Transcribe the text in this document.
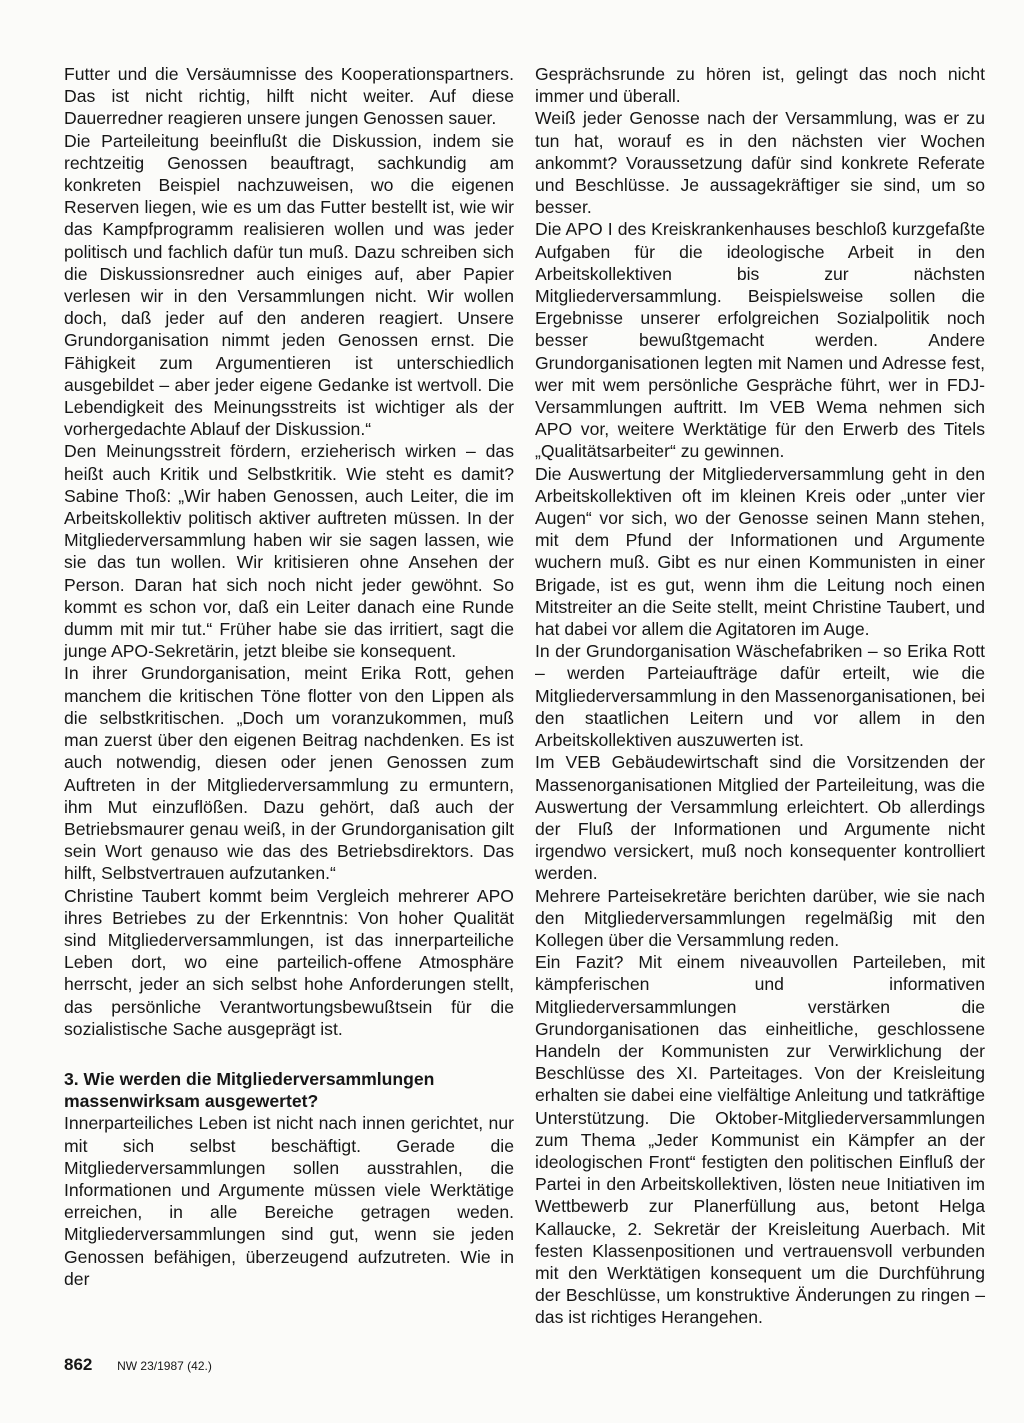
Futter und die Versäumnisse des Kooperationspartners. Das ist nicht richtig, hilft nicht weiter. Auf diese Dauerredner reagieren unsere jungen Genossen sauer.

Die Parteileitung beeinflußt die Diskussion, indem sie rechtzeitig Genossen beauftragt, sachkundig am konkreten Beispiel nachzuweisen, wo die eigenen Reserven liegen, wie es um das Futter bestellt ist, wie wir das Kampfprogramm realisieren wollen und was jeder politisch und fachlich dafür tun muß. Dazu schreiben sich die Diskussionsredner auch einiges auf, aber Papier verlesen wir in den Versammlungen nicht. Wir wollen doch, daß jeder auf den anderen reagiert. Unsere Grundorganisation nimmt jeden Genossen ernst. Die Fähigkeit zum Argumentieren ist unterschiedlich ausgebildet – aber jeder eigene Gedanke ist wertvoll. Die Lebendigkeit des Meinungsstreits ist wichtiger als der vorhergedachte Ablauf der Diskussion.“

Den Meinungsstreit fördern, erzieherisch wirken – das heißt auch Kritik und Selbstkritik. Wie steht es damit? Sabine Thoß: „Wir haben Genossen, auch Leiter, die im Arbeitskollektiv politisch aktiver auftreten müssen. In der Mitgliederversammlung haben wir sie sagen lassen, wie sie das tun wollen. Wir kritisieren ohne Ansehen der Person. Daran hat sich noch nicht jeder gewöhnt. So kommt es schon vor, daß ein Leiter danach eine Runde dumm mit mir tut.“ Früher habe sie das irritiert, sagt die junge APO-Sekretärin, jetzt bleibe sie konsequent.

In ihrer Grundorganisation, meint Erika Rott, gehen manchem die kritischen Töne flotter von den Lippen als die selbstkritischen. „Doch um voranzukommen, muß man zuerst über den eigenen Beitrag nachdenken. Es ist auch notwendig, diesen oder jenen Genossen zum Auftreten in der Mitgliederversammlung zu ermuntern, ihm Mut einzuflößen. Dazu gehört, daß auch der Betriebsmaurer genau weiß, in der Grundorganisation gilt sein Wort genauso wie das des Betriebsdirektors. Das hilft, Selbstvertrauen aufzutanken.“

Christine Taubert kommt beim Vergleich mehrerer APO ihres Betriebes zu der Erkenntnis: Von hoher Qualität sind Mitgliederversammlungen, ist das innerparteiliche Leben dort, wo eine parteilich-offene Atmosphäre herrscht, jeder an sich selbst hohe Anforderungen stellt, das persönliche Verantwortungsbewußtsein für die sozialistische Sache ausgeprägt ist.

3. Wie werden die Mitgliederversammlungen massenwirksam ausgewertet?

Innerparteiliches Leben ist nicht nach innen gerichtet, nur mit sich selbst beschäftigt. Gerade die Mitgliederversammlungen sollen ausstrahlen, die Informationen und Argumente müssen viele Werktätige erreichen, in alle Bereiche getragen weden. Mitgliederversammlungen sind gut, wenn sie jeden Genossen befähigen, überzeugend aufzutreten. Wie in der

Gesprächsrunde zu hören ist, gelingt das noch nicht immer und überall.

Weiß jeder Genosse nach der Versammlung, was er zu tun hat, worauf es in den nächsten vier Wochen ankommt? Voraussetzung dafür sind konkrete Referate und Beschlüsse. Je aussagekräftiger sie sind, um so besser.

Die APO I des Kreiskrankenhauses beschloß kurzgefaßte Aufgaben für die ideologische Arbeit in den Arbeitskollektiven bis zur nächsten Mitgliederversammlung. Beispielsweise sollen die Ergebnisse unserer erfolgreichen Sozialpolitik noch besser bewußtgemacht werden. Andere Grundorganisationen legten mit Namen und Adresse fest, wer mit wem persönliche Gespräche führt, wer in FDJ-Versammlungen auftritt. Im VEB Wema nehmen sich APO vor, weitere Werktätige für den Erwerb des Titels „Qualitätsarbeiter“ zu gewinnen.

Die Auswertung der Mitgliederversammlung geht in den Arbeitskollektiven oft im kleinen Kreis oder „unter vier Augen“ vor sich, wo der Genosse seinen Mann stehen, mit dem Pfund der Informationen und Argumente wuchern muß. Gibt es nur einen Kommunisten in einer Brigade, ist es gut, wenn ihm die Leitung noch einen Mitstreiter an die Seite stellt, meint Christine Taubert, und hat dabei vor allem die Agitatoren im Auge.

In der Grundorganisation Wäschefabriken – so Erika Rott – werden Parteiaufträge dafür erteilt, wie die Mitgliederversammlung in den Massenorganisationen, bei den staatlichen Leitern und vor allem in den Arbeitskollektiven auszuwerten ist.

Im VEB Gebäudewirtschaft sind die Vorsitzenden der Massenorganisationen Mitglied der Parteileitung, was die Auswertung der Versammlung erleichtert. Ob allerdings der Fluß der Informationen und Argumente nicht irgendwo versickert, muß noch konsequenter kontrolliert werden.

Mehrere Parteisekretäre berichten darüber, wie sie nach den Mitgliederversammlungen regelmäßig mit den Kollegen über die Versammlung reden.

Ein Fazit? Mit einem niveauvollen Parteileben, mit kämpferischen und informativen Mitgliederversammlungen verstärken die Grundorganisationen das einheitliche, geschlossene Handeln der Kommunisten zur Verwirklichung der Beschlüsse des XI. Parteitages. Von der Kreisleitung erhalten sie dabei eine vielfältige Anleitung und tatkräftige Unterstützung. Die Oktober-Mitgliederversammlungen zum Thema „Jeder Kommunist ein Kämpfer an der ideologischen Front“ festigten den politischen Einfluß der Partei in den Arbeitskollektiven, lösten neue Initiativen im Wettbewerb zur Planerfüllung aus, betont Helga Kallaucke, 2. Sekretär der Kreisleitung Auerbach. Mit festen Klassenpositionen und vertrauensvoll verbunden mit den Werktätigen konsequent um die Durchführung der Beschlüsse, um konstruktive Änderungen zu ringen – das ist richtiges Herangehen.

862 NW 23/1987 (42.)
